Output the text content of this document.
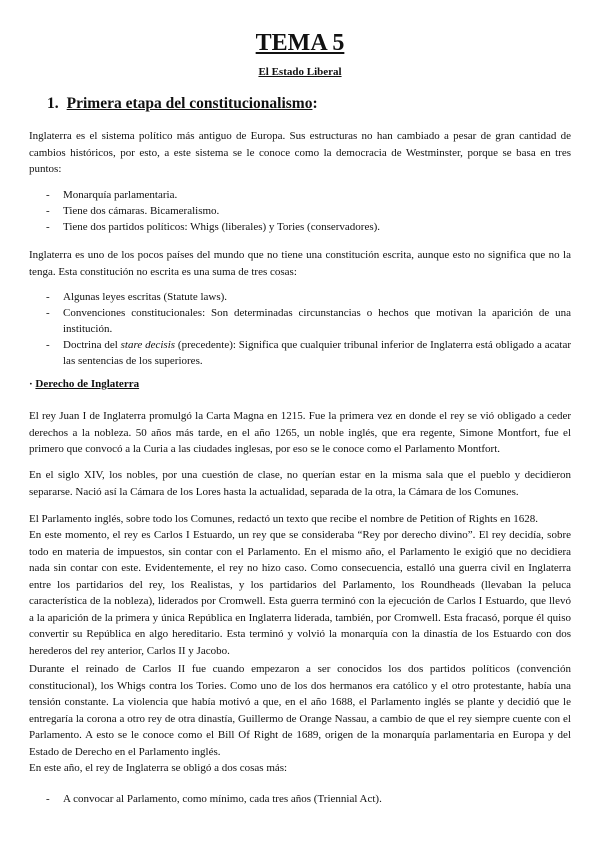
TEMA 5

El Estado Liberal

1. Primera etapa del constitucionalismo:

Inglaterra es el sistema político más antiguo de Europa. Sus estructuras no han cambiado a pesar de gran cantidad de cambios históricos, por esto, a este sistema se le conoce como la democracia de Westminster, porque se basa en tres puntos:

- Monarquía parlamentaria.
- Tiene dos cámaras. Bicameralismo.
- Tiene dos partidos políticos: Whigs (liberales) y Tories (conservadores).

Inglaterra es uno de los pocos países del mundo que no tiene una constitución escrita, aunque esto no significa que no la tenga. Esta constitución no escrita es una suma de tres cosas:

- Algunas leyes escritas (Statute laws).
- Convenciones constitucionales: Son determinadas circunstancias o hechos que motivan la aparición de una institución.
- Doctrina del stare decisis (precedente): Significa que cualquier tribunal inferior de Inglaterra está obligado a acatar las sentencias de los superiores.

· Derecho de Inglaterra

El rey Juan I de Inglaterra promulgó la Carta Magna en 1215. Fue la primera vez en donde el rey se vió obligado a ceder derechos a la nobleza. 50 años más tarde, en el año 1265, un noble inglés, que era regente, Simone Montfort, fue el primero que convocó a la Curia a las ciudades inglesas, por eso se le conoce como el Parlamento Montfort.

En el siglo XIV, los nobles, por una cuestión de clase, no querían estar en la misma sala que el pueblo y decidieron separarse. Nació así la Cámara de los Lores hasta la actualidad, separada de la otra, la Cámara de los Comunes.

El Parlamento inglés, sobre todo los Comunes, redactó un texto que recibe el nombre de Petition of Rights en 1628.

En este momento, el rey es Carlos I Estuardo, un rey que se consideraba “Rey por derecho divino”. El rey decidía, sobre todo en materia de impuestos, sin contar con el Parlamento. En el mismo año, el Parlamento le exigió que no decidiera nada sin contar con este. Evidentemente, el rey no hizo caso. Como consecuencia, estalló una guerra civil en Inglaterra entre los partidarios del rey, los Realistas, y los partidarios del Parlamento, los Roundheads (llevaban la peluca característica de la nobleza), liderados por Cromwell. Esta guerra terminó con la ejecución de Carlos I Estuardo, que llevó a la aparición de la primera y única República en Inglaterra liderada, también, por Cromwell. Esta fracasó, porque él quiso convertir su República en algo hereditario. Esta terminó y volvió la monarquía con la dinastía de los Estuardo con dos herederos del rey anterior, Carlos II y Jacobo.

Durante el reinado de Carlos II fue cuando empezaron a ser conocidos los dos partidos políticos (convención constitucional), los Whigs contra los Tories. Como uno de los dos hermanos era católico y el otro protestante, había una tensión constante. La violencia que había motivó a que, en el año 1688, el Parlamento inglés se plante y decidió que le entregaría la corona a otro rey de otra dinastía, Guillermo de Orange Nassau, a cambio de que el rey siempre cuente con el Parlamento. A esto se le conoce como el Bill Of Right de 1689, origen de la monarquía parlamentaria en Europa y del Estado de Derecho en el Parlamento inglés.

En este año, el rey de Inglaterra se obligó a dos cosas más:

- A convocar al Parlamento, como mínimo, cada tres años (Triennial Act).
